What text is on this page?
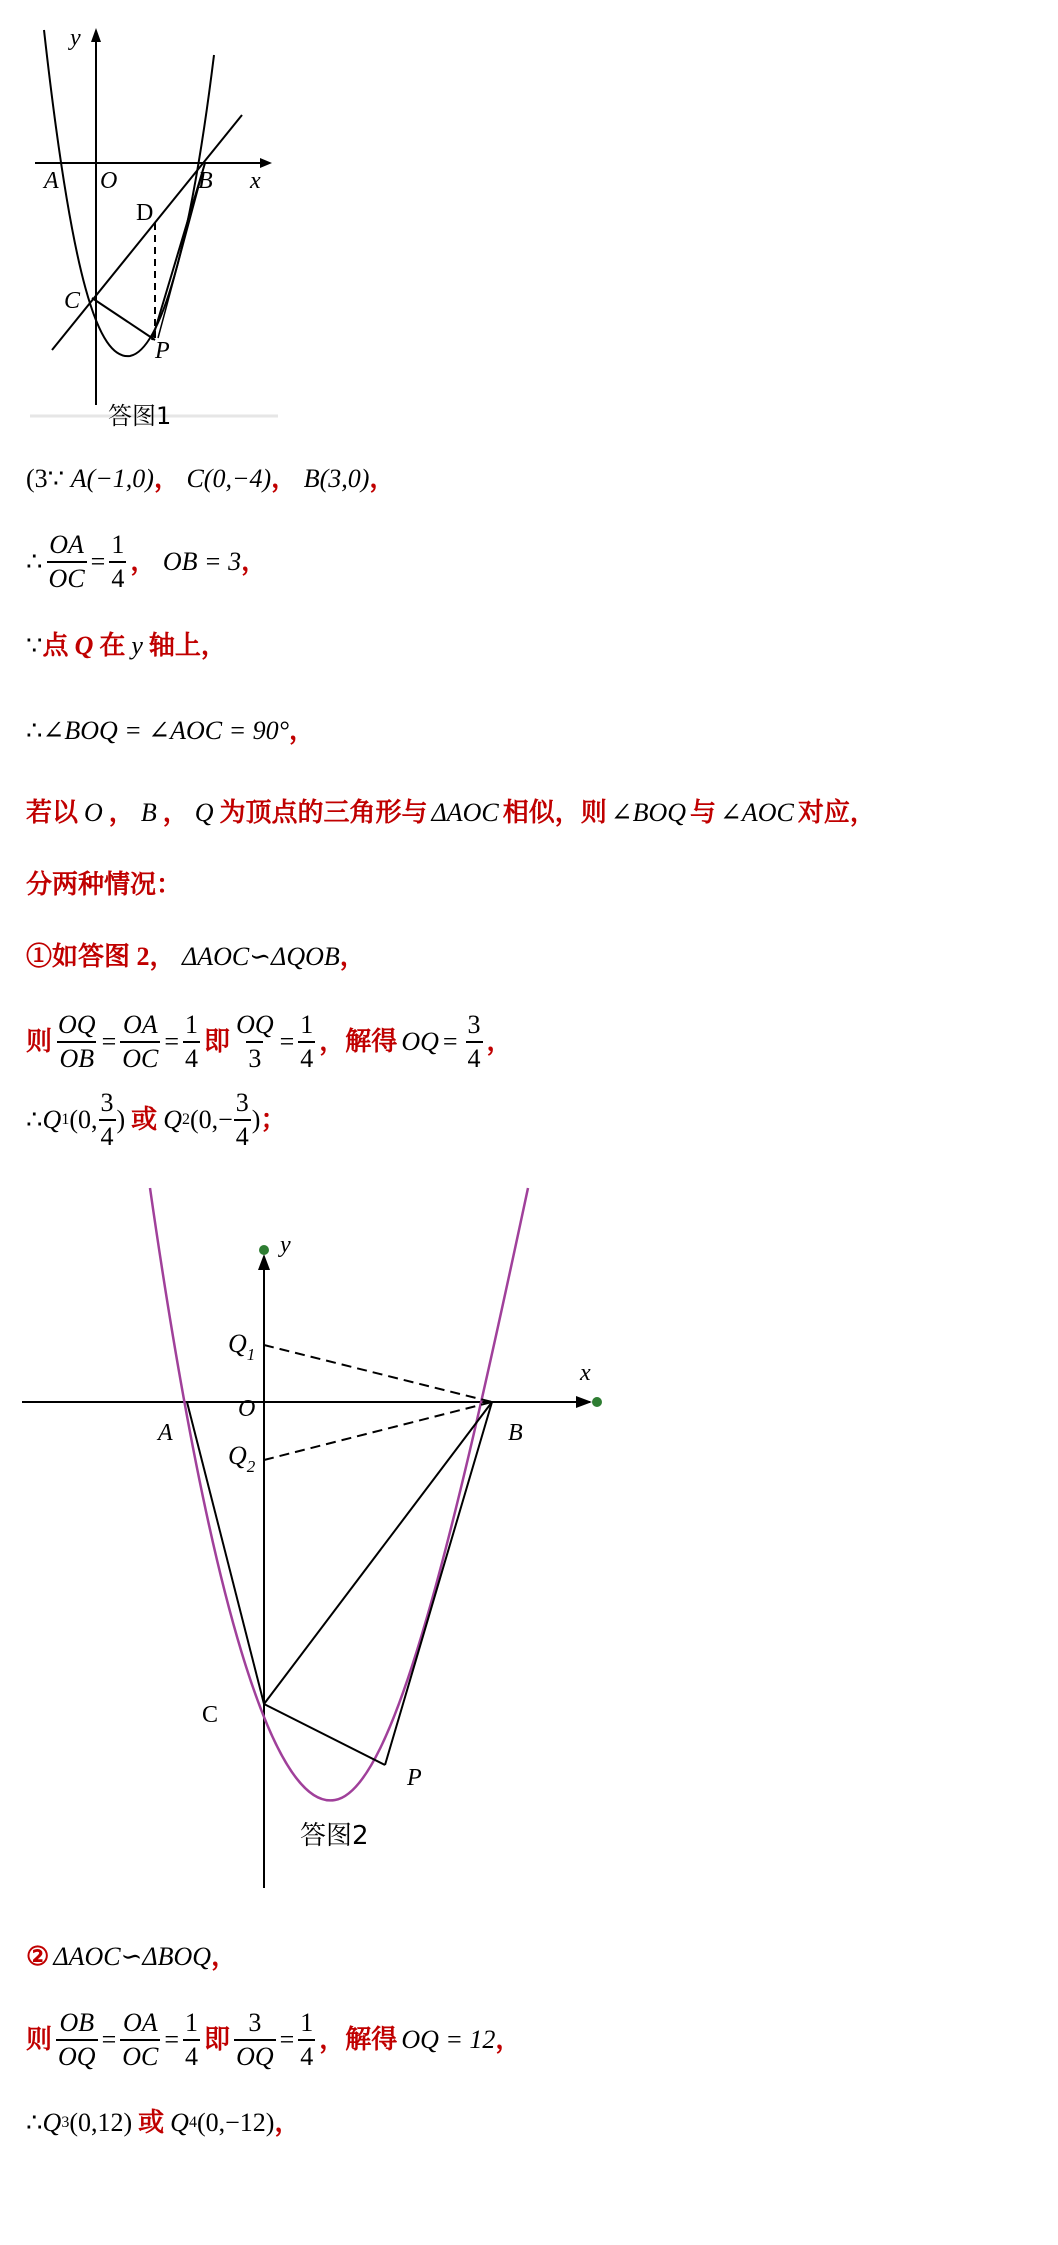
y
A O	B x
D
C
P
答图1
(3∵
A(−1,0) ，
C(0,−4) ，
B(3,0) ，
∴ $\frac{OA}{OC} = \frac{1}{4}$ ，
OB = 3 ，
∵ 点 Q 在 y 轴上，
∴ ∠BOQ = ∠AOC = 90° ，
若以 O ， B ， Q 为顶点的三角形与 ΔAOC 相似，则 ∠BOQ 与 ∠AOC 对应，
分两种情况：
①如答图 2，
ΔAOC∽ΔQOB ，
则 $\frac{OQ}{OB} = \frac{OA}{OC} = \frac{1}{4}$ 即 $\frac{OQ}{3} = \frac{1}{4}$ ，解得 OQ = $\frac{3}{4}$ ，
∴ Q 1 (0, $\frac{3}{4}$ ) 或 Q 2 ($0,- \frac{3}{4}$ ) ；
y
x
$Q_1$
O
$Q_2$
A	B
C
P
答图2
② ΔAOC∽ΔBOQ ，
则 $\frac{OB}{OQ} = \frac{OA}{OC} = \frac{1}{4}$ 即 $\frac{3}{OQ} = \frac{1}{4}$ ，解得 OQ = 12 ，
∴ Q 3 (0,12) 或 Q 4 (0,−12) ，
